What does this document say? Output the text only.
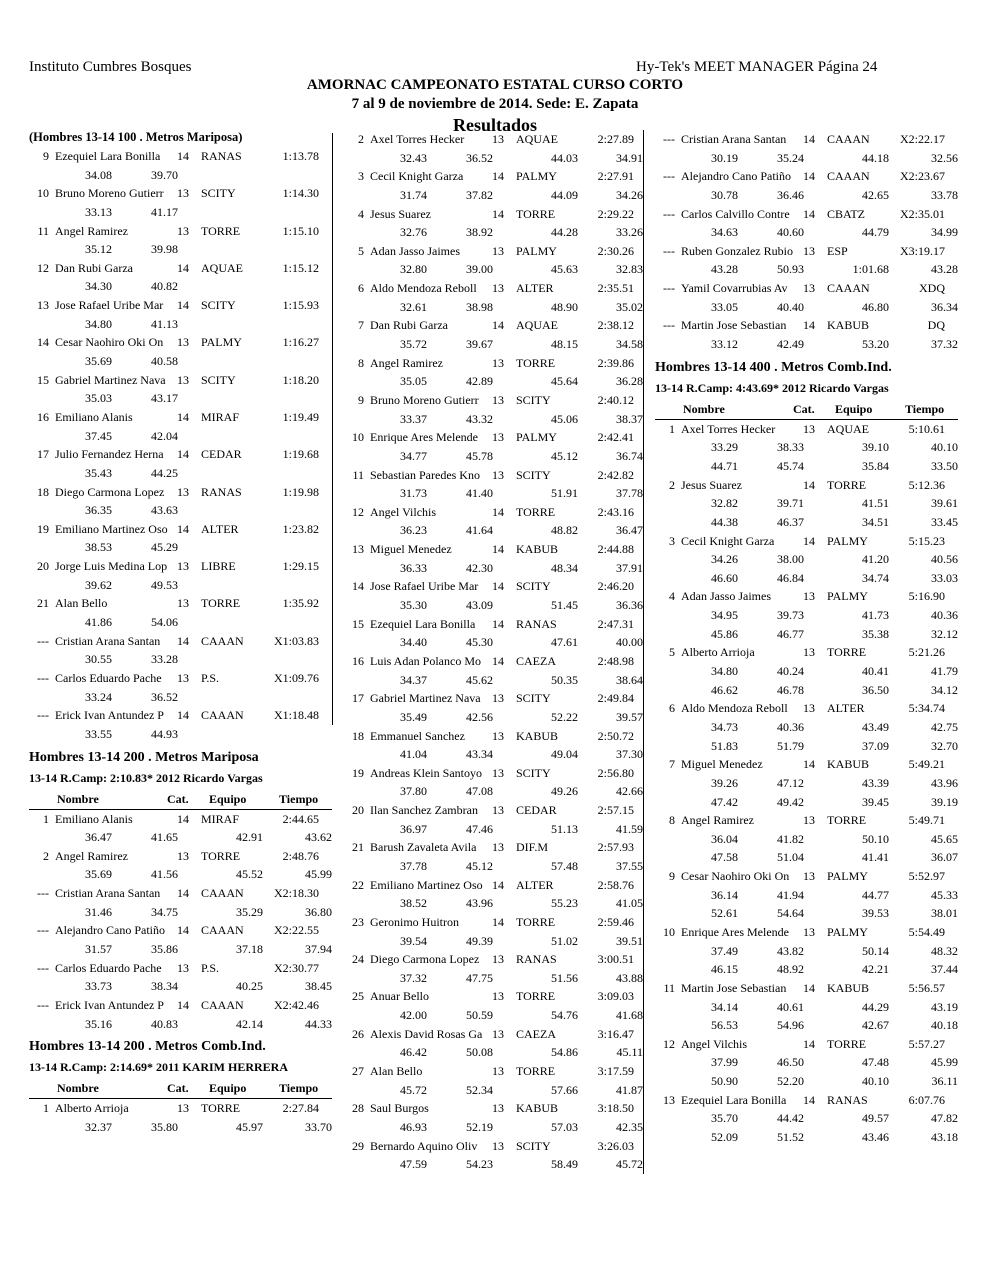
Instituto Cumbres Bosques	Hy-Tek's MEET MANAGER Página 24
AMORNAC CAMPEONATO ESTATAL CURSO CORTO
7 al 9 de noviembre de 2014. Sede: E. Zapata
Resultados
(Hombres 13-14 100 . Metros Mariposa)
9 Ezequiel Lara Bonilla	14 RANAS	1:13.78
34.08	39.70
10 Bruno Moreno Gutierr	13 SCITY	1:14.30
33.13	41.17
11 Angel Ramirez	13 TORRE	1:15.10
35.12	39.98
12 Dan Rubi Garza	14 AQUAE	1:15.12
34.30	40.82
13 Jose Rafael Uribe Mar	14 SCITY	1:15.93
34.80	41.13
14 Cesar Naohiro Oki On	13 PALMY	1:16.27
35.69	40.58
15 Gabriel Martinez Nava 13 SCITY	1:18.20
35.03	43.17
16 Emiliano Alanis	14 MIRAF	1:19.49
37.45	42.04
17 Julio Fernandez Herna	14 CEDAR	1:19.68
35.43	44.25
18 Diego Carmona Lopez	13 RANAS	1:19.98
36.35	43.63
19 Emiliano Martinez Oso 14 ALTER	1:23.82
38.53	45.29
20 Jorge Luis Medina Lop 13 LIBRE	1:29.15
39.62	49.53
21 Alan Bello	13 TORRE	1:35.92
41.86	54.06
--- Cristian Arana Santan	14 CAAAN	X1:03.83
30.55	33.28
--- Carlos Eduardo Pache	13 P.S.	X1:09.76
33.24	36.52
--- Erick Ivan Antundez P	14 CAAAN	X1:18.48
33.55	44.93
Hombres 13-14 200 . Metros Mariposa
13-14 R.Camp: 2:10.83* 2012 Ricardo Vargas
Nombre	Cat. Equipo	Tiempo
1 Emiliano Alanis	14 MIRAF	2:44.65
36.47	41.65	42.91	43.62
2 Angel Ramirez	13 TORRE	2:48.76
35.69	41.56	45.52	45.99
--- Cristian Arana Santan	14 CAAAN	X2:18.30
31.46	34.75	35.29	36.80
--- Alejandro Cano Patiño	14 CAAAN	X2:22.55
31.57	35.86	37.18	37.94
--- Carlos Eduardo Pache	13 P.S.	X2:30.77
33.73	38.34	40.25	38.45
--- Erick Ivan Antundez P	14 CAAAN	X2:42.46
35.16	40.83	42.14	44.33
Hombres 13-14 200 . Metros Comb.Ind.
13-14 R.Camp: 2:14.69* 2011 KARIM HERRERA
Nombre	Cat. Equipo	Tiempo
1 Alberto Arrioja	13 TORRE	2:27.84
32.37	35.80	45.97	33.70
2 Axel Torres Hecker	13 AQUAE	2:27.89
32.43	36.52	44.03	34.91
3 Cecil Knight Garza	14 PALMY	2:27.91
31.74	37.82	44.09	34.26
4 Jesus Suarez	14 TORRE	2:29.22
32.76	38.92	44.28	33.26
5 Adan Jasso Jaimes	13 PALMY	2:30.26
32.80	39.00	45.63	32.83
6 Aldo Mendoza Reboll	13 ALTER	2:35.51
32.61	38.98	48.90	35.02
7 Dan Rubi Garza	14 AQUAE	2:38.12
35.72	39.67	48.15	34.58
8 Angel Ramirez	13 TORRE	2:39.86
35.05	42.89	45.64	36.28
9 Bruno Moreno Gutierr	13 SCITY	2:40.12
33.37	43.32	45.06	38.37
10 Enrique Ares Melende	13 PALMY	2:42.41
34.77	45.78	45.12	36.74
11 Sebastian Paredes Kno	13 SCITY	2:42.82
31.73	41.40	51.91	37.78
12 Angel Vilchis	14 TORRE	2:43.16
36.23	41.64	48.82	36.47
13 Miguel Menedez	14 KABUB	2:44.88
36.33	42.30	48.34	37.91
14 Jose Rafael Uribe Mar	14 SCITY	2:46.20
35.30	43.09	51.45	36.36
15 Ezequiel Lara Bonilla	14 RANAS	2:47.31
34.40	45.30	47.61	40.00
16 Luis Adan Polanco Mo 14 CAEZA	2:48.98
34.37	45.62	50.35	38.64
17 Gabriel Martinez Nava 13 SCITY	2:49.84
35.49	42.56	52.22	39.57
18 Emmanuel Sanchez	13 KABUB	2:50.72
41.04	43.34	49.04	37.30
19 Andreas Klein Santoyo 13 SCITY	2:56.80
37.80	47.08	49.26	42.66
20 Ilan Sanchez Zambran	13 CEDAR	2:57.15
36.97	47.46	51.13	41.59
21 Barush Zavaleta Avila	13 DIF.M	2:57.93
37.78	45.12	57.48	37.55
22 Emiliano Martinez Oso 14 ALTER	2:58.76
38.52	43.96	55.23	41.05
23 Geronimo Huitron	14 TORRE	2:59.46
39.54	49.39	51.02	39.51
24 Diego Carmona Lopez	13 RANAS	3:00.51
37.32	47.75	51.56	43.88
25 Anuar Bello	13 TORRE	3:09.03
42.00	50.59	54.76	41.68
26 Alexis David Rosas Ga 13 CAEZA	3:16.47
46.42	50.08	54.86	45.11
27 Alan Bello	13 TORRE	3:17.59
45.72	52.34	57.66	41.87
28 Saul Burgos	13 KABUB	3:18.50
46.93	52.19	57.03	42.35
29 Bernardo Aquino Oliv	13 SCITY	3:26.03
47.59	54.23	58.49	45.72
--- Cristian Arana Santan	14 CAAAN	X2:22.17
30.19	35.24	44.18	32.56
--- Alejandro Cano Patiño	14 CAAAN	X2:23.67
30.78	36.46	42.65	33.78
--- Carlos Calvillo Contre	14 CBATZ	X2:35.01
34.63	40.60	44.79	34.99
--- Ruben Gonzalez Rubio 13 ESP	X3:19.17
43.28	50.93	1:01.68	43.28
--- Yamil Covarrubias Av	13 CAAAN	XDQ
33.05	40.40	46.80	36.34
--- Martin Jose Sebastian	14 KABUB	DQ
33.12	42.49	53.20	37.32
Hombres 13-14 400 . Metros Comb.Ind.
13-14 R.Camp: 4:43.69* 2012 Ricardo Vargas
Nombre	Cat. Equipo	Tiempo
1 Axel Torres Hecker	13 AQUAE	5:10.61
33.29	38.33	39.10	40.10
44.71	45.74	35.84	33.50
2 Jesus Suarez	14 TORRE	5:12.36
32.82	39.71	41.51	39.61
44.38	46.37	34.51	33.45
3 Cecil Knight Garza	14 PALMY	5:15.23
34.26	38.00	41.20	40.56
46.60	46.84	34.74	33.03
4 Adan Jasso Jaimes	13 PALMY	5:16.90
34.95	39.73	41.73	40.36
45.86	46.77	35.38	32.12
5 Alberto Arrioja	13 TORRE	5:21.26
34.80	40.24	40.41	41.79
46.62	46.78	36.50	34.12
6 Aldo Mendoza Reboll	13 ALTER	5:34.74
34.73	40.36	43.49	42.75
51.83	51.79	37.09	32.70
7 Miguel Menedez	14 KABUB	5:49.21
39.26	47.12	43.39	43.96
47.42	49.42	39.45	39.19
8 Angel Ramirez	13 TORRE	5:49.71
36.04	41.82	50.10	45.65
47.58	51.04	41.41	36.07
9 Cesar Naohiro Oki On	13 PALMY	5:52.97
36.14	41.94	44.77	45.33
52.61	54.64	39.53	38.01
10 Enrique Ares Melende	13 PALMY	5:54.49
37.49	43.82	50.14	48.32
46.15	48.92	42.21	37.44
11 Martin Jose Sebastian	14 KABUB	5:56.57
34.14	40.61	44.29	43.19
56.53	54.96	42.67	40.18
12 Angel Vilchis	14 TORRE	5:57.27
37.99	46.50	47.48	45.99
50.90	52.20	40.10	36.11
13 Ezequiel Lara Bonilla	14 RANAS	6:07.76
35.70	44.42	49.57	47.82
52.09	51.52	43.46	43.18
